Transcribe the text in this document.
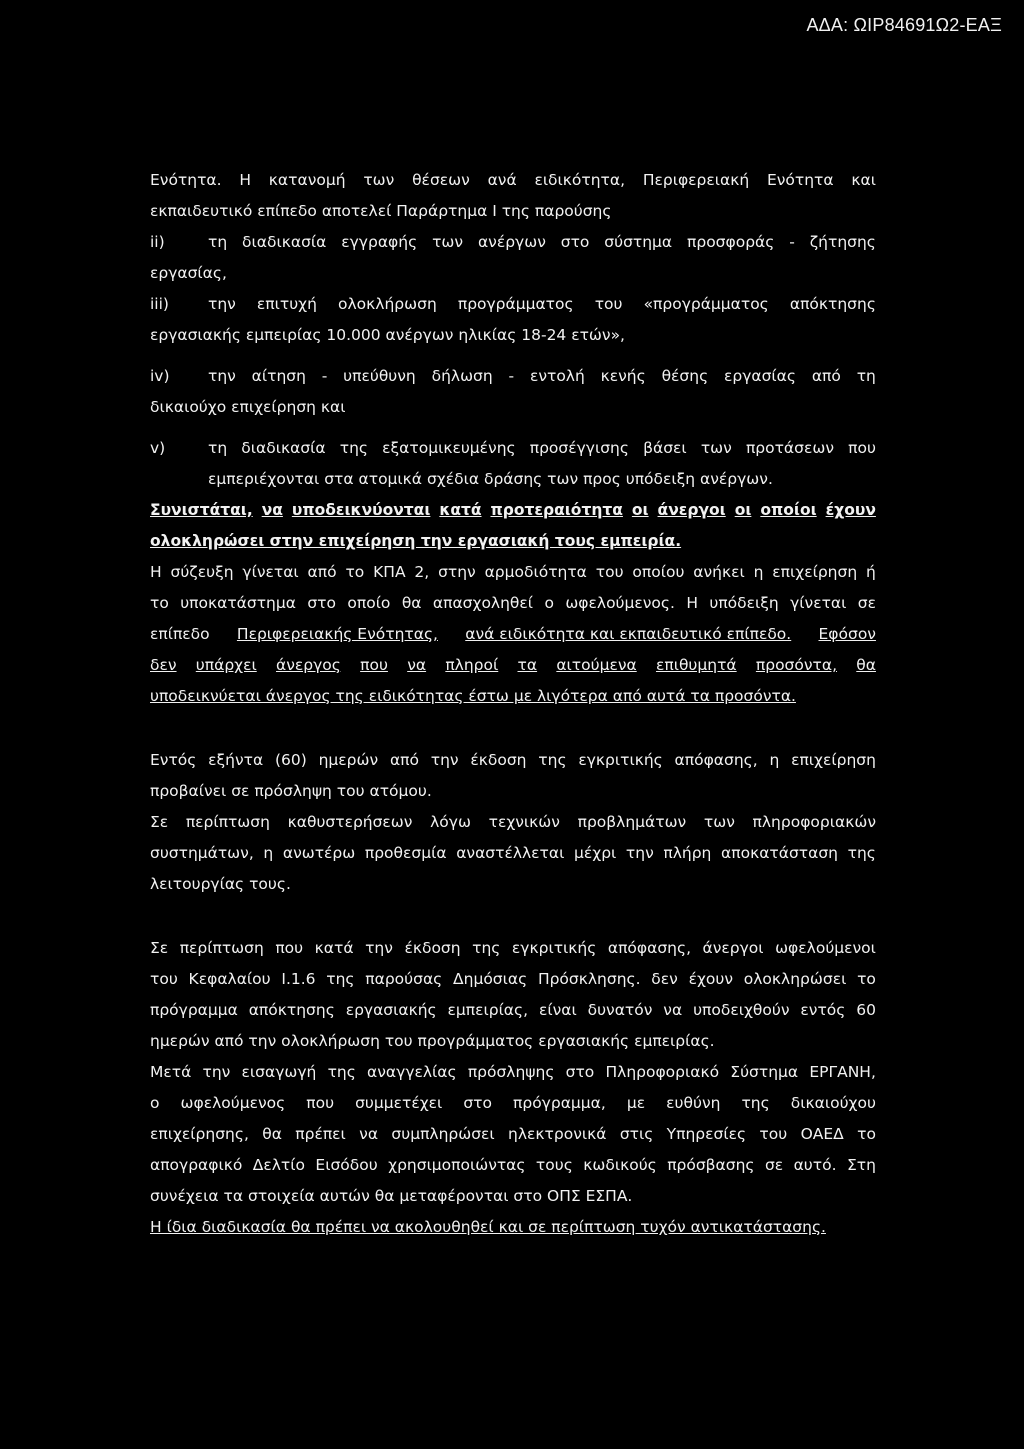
ΑΔΑ: ΩΙΡ84691Ω2-ΕΑΞ
Ενότητα. Η κατανομή των θέσεων ανά ειδικότητα, Περιφερειακή Ενότητα και
εκπαιδευτικό επίπεδο αποτελεί Παράρτημα I της παρούσης
ii)	τη διαδικασία εγγραφής των ανέργων στο σύστημα προσφοράς - ζήτησης
εργασίας,
iii)	την επιτυχή ολοκλήρωση προγράμματος του «προγράμματος απόκτησης
εργασιακής εμπειρίας 10.000 ανέργων ηλικίας 18-24 ετών»,
iv)	την αίτηση - υπεύθυνη δήλωση - εντολή κενής θέσης εργασίας από τη
δικαιούχο επιχείρηση και
v)	τη διαδικασία της εξατομικευμένης προσέγγισης βάσει των προτάσεων που
εμπεριέχονται στα ατομικά σχέδια δράσης των προς υπόδειξη ανέργων.
Συνιστάται, να υποδεικνύονται κατά προτεραιότητα οι άνεργοι οι οποίοι έχουν
ολοκληρώσει στην επιχείρηση την εργασιακή τους εμπειρία.
Η σύζευξη γίνεται από το ΚΠΑ 2, στην αρμοδιότητα του οποίου ανήκει η επιχείρηση ή
το υποκατάστημα στο οποίο θα απασχοληθεί ο ωφελούμενος. Η υπόδειξη γίνεται σε
επίπεδο Περιφερειακής Ενότητας, ανά ειδικότητα και εκπαιδευτικό επίπεδο. Εφόσον
δεν υπάρχει άνεργος που να πληροί τα αιτούμενα επιθυμητά προσόντα, θα
υποδεικνύεται άνεργος της ειδικότητας έστω με λιγότερα από αυτά τα προσόντα.
Εντός εξήντα (60) ημερών από την έκδοση της εγκριτικής απόφασης, η επιχείρηση
προβαίνει σε πρόσληψη του ατόμου.
Σε περίπτωση καθυστερήσεων λόγω τεχνικών προβλημάτων των πληροφοριακών
συστημάτων, η ανωτέρω προθεσμία αναστέλλεται μέχρι την πλήρη αποκατάσταση της
λειτουργίας τους.
Σε περίπτωση που κατά την έκδοση της εγκριτικής απόφασης, άνεργοι ωφελούμενοι
του Κεφαλαίου I.1.6 της παρούσας Δημόσιας Πρόσκλησης. δεν έχουν ολοκληρώσει το
πρόγραμμα απόκτησης εργασιακής εμπειρίας, είναι δυνατόν να υποδειχθούν εντός 60
ημερών από την ολοκλήρωση του προγράμματος εργασιακής εμπειρίας.
Μετά την εισαγωγή της αναγγελίας πρόσληψης στο Πληροφοριακό Σύστημα ΕΡΓΑΝΗ,
ο ωφελούμενος που συμμετέχει στο πρόγραμμα, με ευθύνη της δικαιούχου
επιχείρησης, θα πρέπει να συμπληρώσει ηλεκτρονικά στις Υπηρεσίες του ΟΑΕΔ το
απογραφικό Δελτίο Εισόδου χρησιμοποιώντας τους κωδικούς πρόσβασης σε αυτό. Στη
συνέχεια τα στοιχεία αυτών θα μεταφέρονται στο ΟΠΣ ΕΣΠΑ.
Η ίδια διαδικασία θα πρέπει να ακολουθηθεί και σε περίπτωση τυχόν αντικατάστασης.
